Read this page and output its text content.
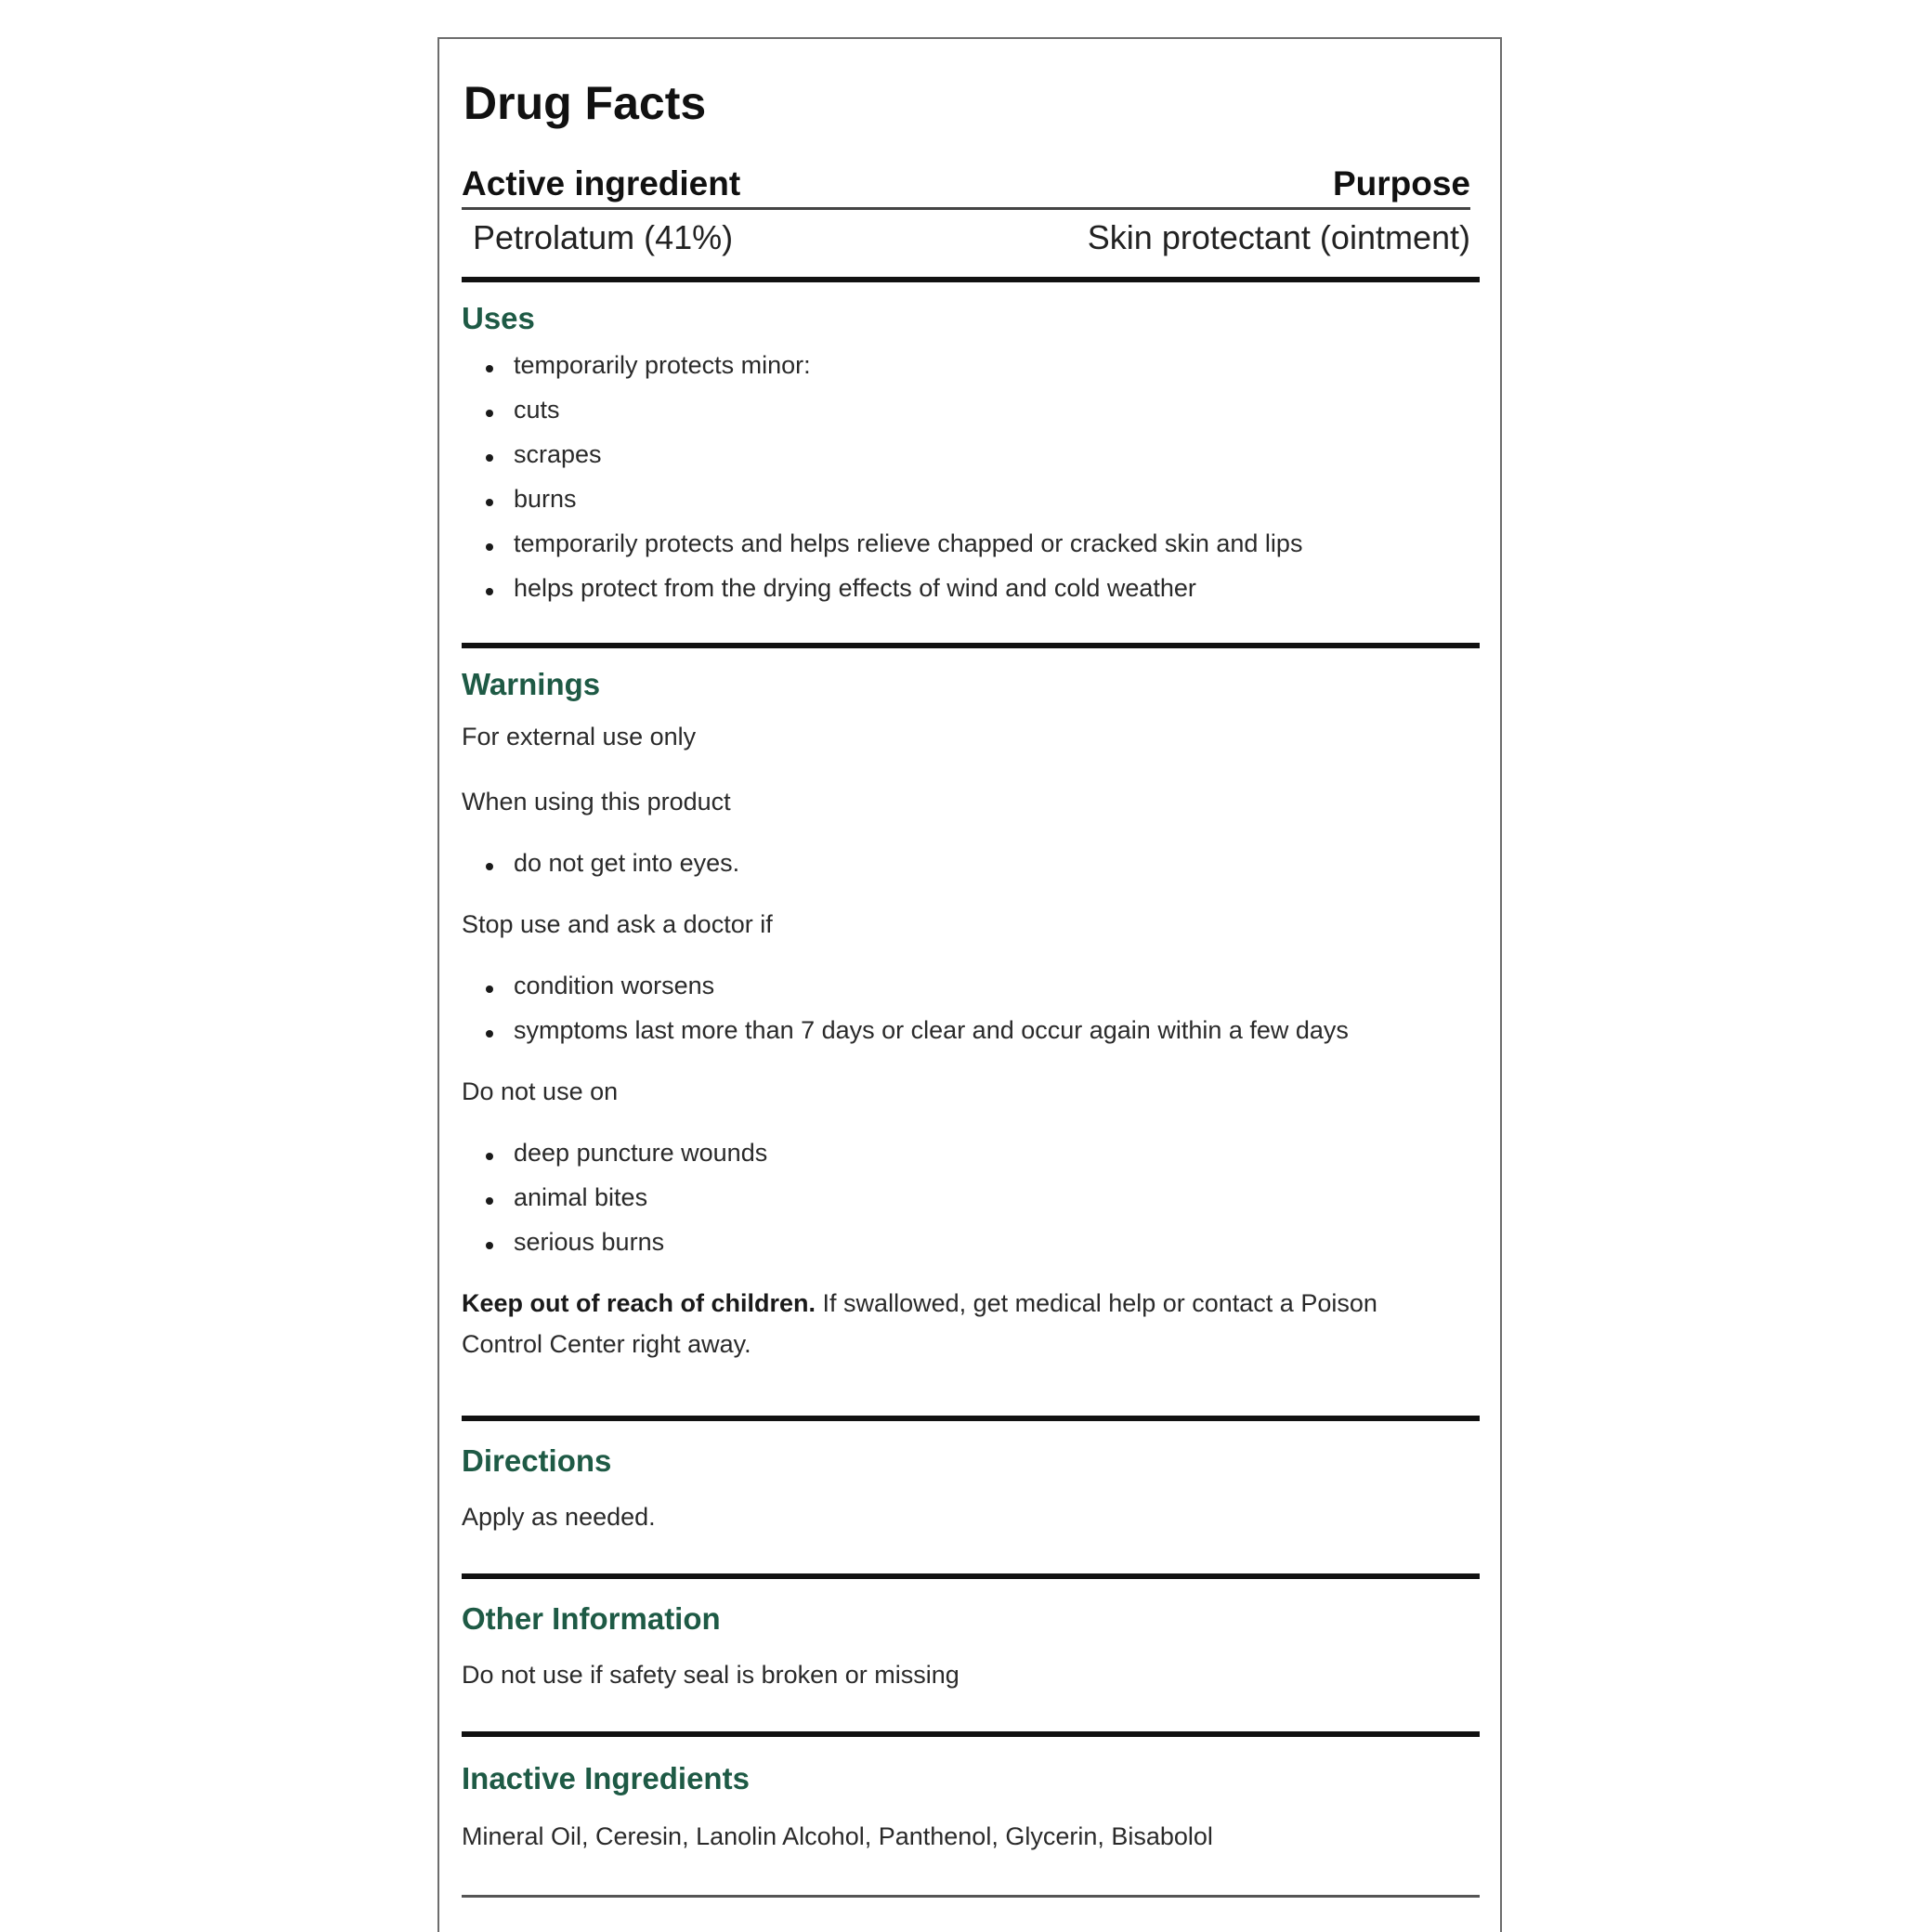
Drug Facts
Active ingredient	Purpose
Petrolatum (41%)	Skin protectant (ointment)
Uses
temporarily protects minor:
cuts
scrapes
burns
temporarily protects and helps relieve chapped or cracked skin and lips
helps protect from the drying effects of wind and cold weather
Warnings

For external use only

When using this product

do not get into eyes.

Stop use and ask a doctor if

condition worsens
symptoms last more than 7 days or clear and occur again within a few days

Do not use on

deep puncture wounds
animal bites
serious burns

Keep out of reach of children. If swallowed, get medical help or contact a Poison

Control Center right away.

Directions

Apply as needed.

Other Information

Do not use if safety seal is broken or missing

Inactive Ingredients

Mineral Oil, Ceresin, Lanolin Alcohol, Panthenol, Glycerin, Bisabolol
